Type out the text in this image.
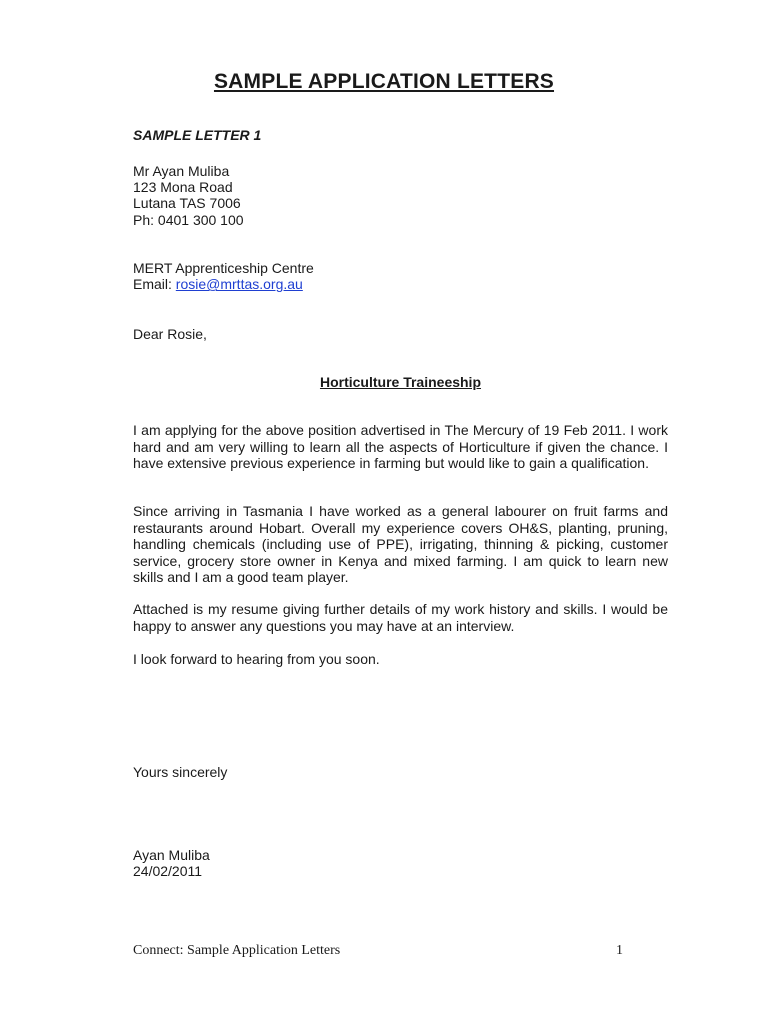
SAMPLE APPLICATION LETTERS
SAMPLE LETTER 1
Mr Ayan Muliba
123 Mona Road
Lutana TAS 7006
Ph: 0401 300 100
MERT Apprenticeship Centre
Email: rosie@mrttas.org.au
Dear Rosie,
Horticulture Traineeship

I am applying for the above position advertised in The Mercury of 19 Feb 2011. I work hard and am very willing to learn all the aspects of Horticulture if given the chance. I have extensive previous experience in farming but would like to gain a qualification.

Since arriving in Tasmania I have worked as a general labourer on fruit farms and restaurants around Hobart. Overall my experience covers OH&S, planting, pruning, handling chemicals (including use of PPE), irrigating, thinning & picking, customer service, grocery store owner in Kenya and mixed farming. I am quick to learn new skills and I am a good team player.

Attached is my resume giving further details of my work history and skills. I would be happy to answer any questions you may have at an interview.

I look forward to hearing from you soon.

Yours sincerely
Ayan Muliba
24/02/2011
Connect: Sample Application Letters	1
